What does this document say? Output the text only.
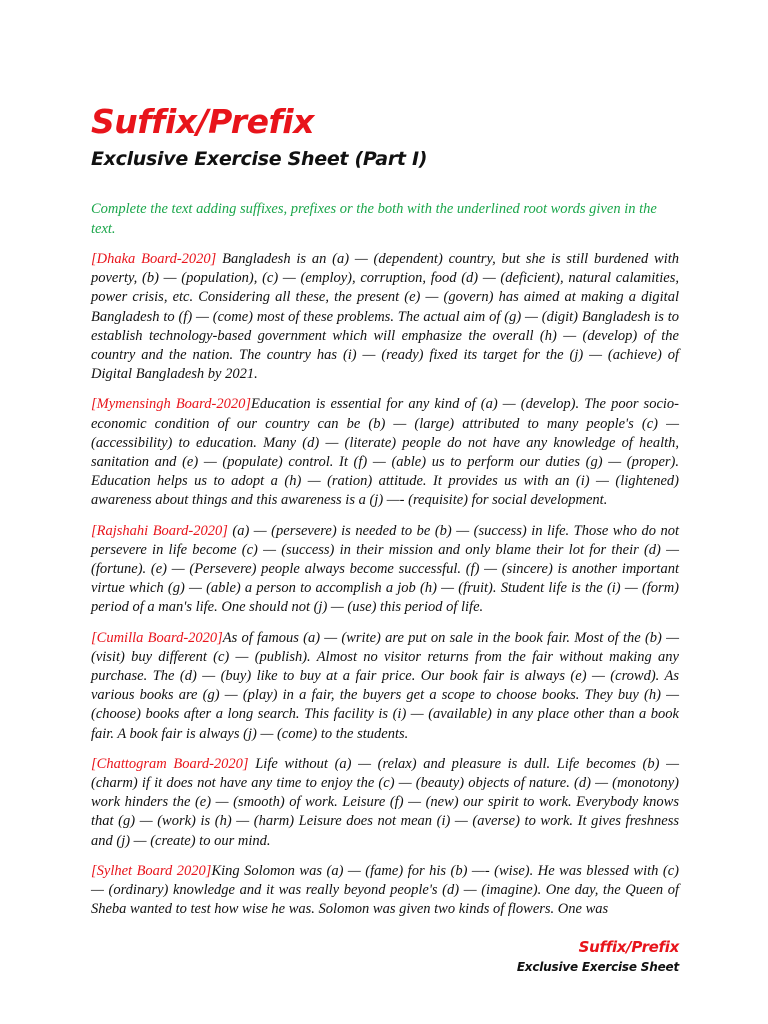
Suffix/Prefix
Exclusive Exercise Sheet (Part I)

Complete the text adding suffixes, prefixes or the both with the underlined root words given in the text.

[Dhaka Board-2020] Bangladesh is an (a) — (dependent) country, but she is still burdened with poverty, (b) — (population), (c) — (employ), corruption, food (d) — (deficient), natural calamities, power crisis, etc. Considering all these, the present (e) — (govern) has aimed at making a digital Bangladesh to (f) — (come) most of these problems. The actual aim of (g) — (digit) Bangladesh is to establish technology-based government which will emphasize the overall (h) — (develop) of the country and the nation. The country has (i) — (ready) fixed its target for the (j) — (achieve) of Digital Bangladesh by 2021.

[Mymensingh Board-2020]Education is essential for any kind of (a) — (develop). The poor socio-economic condition of our country can be (b) — (large) attributed to many people's (c) — (accessibility) to education. Many (d) — (literate) people do not have any knowledge of health, sanitation and (e) — (populate) control. It (f) — (able) us to perform our duties (g) — (proper). Education helps us to adopt a (h) — (ration) attitude. It provides us with an (i) — (lightened) awareness about things and this awareness is a (j) —- (requisite) for social development.

[Rajshahi Board-2020] (a) — (persevere) is needed to be (b) — (success) in life. Those who do not persevere in life become (c) — (success) in their mission and only blame their lot for their (d) — (fortune). (e) — (Persevere) people always become successful. (f) — (sincere) is another important virtue which (g) — (able) a person to accomplish a job (h) — (fruit). Student life is the (i) — (form) period of a man's life. One should not (j) — (use) this period of life.

[Cumilla Board-2020]As of famous (a) — (write) are put on sale in the book fair. Most of the (b) — (visit) buy different (c) — (publish). Almost no visitor returns from the fair without making any purchase. The (d) — (buy) like to buy at a fair price. Our book fair is always (e) — (crowd). As various books are (g) — (play) in a fair, the buyers get a scope to choose books. They buy (h) — (choose) books after a long search. This facility is (i) — (available) in any place other than a book fair. A book fair is always (j) — (come) to the students.

[Chattogram Board-2020] Life without (a) — (relax) and pleasure is dull. Life becomes (b) — (charm) if it does not have any time to enjoy the (c) — (beauty) objects of nature. (d) — (monotony) work hinders the (e) — (smooth) of work. Leisure (f) — (new) our spirit to work. Everybody knows that (g) — (work) is (h) — (harm) Leisure does not mean (i) — (averse) to work. It gives freshness and (j) — (create) to our mind.

[Sylhet Board 2020]King Solomon was (a) — (fame) for his (b) —- (wise). He was blessed with (c) — (ordinary) knowledge and it was really beyond people's (d) — (imagine). One day, the Queen of Sheba wanted to test how wise he was. Solomon was given two kinds of flowers. One was

Suffix/Prefix
Exclusive Exercise Sheet
